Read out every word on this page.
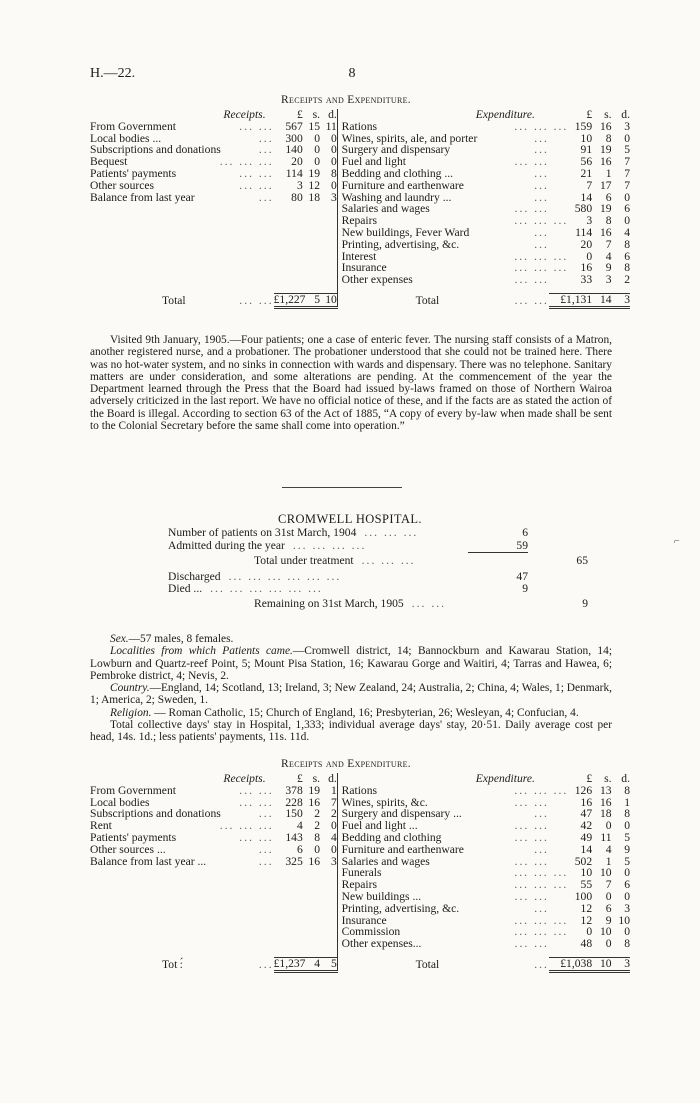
H.—22.	8
Receipts and Expenditure.
Receipts.		£	s.	d.		Expenditure.		£	s.	d.
From Government	... ...	567	15	11		Rations	... ... ...	159	16	3
Local bodies ...	...	300	0	0		Wines, spirits, ale, and porter	...	10	8	0
Subscriptions and donations	...	140	0	0		Surgery and dispensary	...	91	19	5
Bequest	... ... ...	20	0	0		Fuel and light	... ...	56	16	7
Patients' payments	... ...	114	19	8		Bedding and clothing ...	...	21	1	7
Other sources	... ...	3	12	0		Furniture and earthenware	...	7	17	7
Balance from last year	...	80	18	3		Washing and laundry ...	...	14	6	0
						Salaries and wages	... ...	580	19	6
						Repairs	... ... ...	3	8	0
						New buildings, Fever Ward	...	114	16	4
						Printing, advertising, &c.	...	20	7	8
						Interest	... ... ...	0	4	6
						Insurance	... ... ...	16	9	8
						Other expenses	... ...	33	3	2

Total	... ...	£1,227	5	10		Total	... ...	£1,131	14	3

Visited 9th January, 1905.—Four patients; one a case of enteric fever. The nursing staff consists of a Matron, another registered nurse, and a probationer. The probationer understood that she could not be trained here. There was no hot-water system, and no sinks in connection with wards and dispensary. There was no telephone. Sanitary matters are under consideration, and some alterations are pending. At the commencement of the year the Department learned through the Press that the Board had issued by-laws framed on those of Northern Wairoa adversely criticized in the last report. We have no official notice of these, and if the facts are as stated the action of the Board is illegal. According to section 63 of the Act of 1885, “A copy of every by-law when made shall be sent to the Colonial Secretary before the same shall come into operation.”

CROMWELL HOSPITAL.
Number of patients on 31st March, 1904 ... ... ...	6	
Admitted during the year ... ... ... ...	59	
Total under treatment ... ... ...		65
Discharged ... ... ... ... ... ...	47	
Died ... ... ... ... ... ... ...	9	
Remaining on 31st March, 1905 ... ...		9

Sex.—57 males, 8 females.

Localities from which Patients came.—Cromwell district, 14; Bannockburn and Kawarau Station, 14; Lowburn and Quartz-reef Point, 5; Mount Pisa Station, 16; Kawarau Gorge and Waitiri, 4; Tarras and Hawea, 6; Pembroke district, 4; Nevis, 2.

Country.—England, 14; Scotland, 13; Ireland, 3; New Zealand, 24; Australia, 2; China, 4; Wales, 1; Denmark, 1; America, 2; Sweden, 1.

Religion. — Roman Catholic, 15; Church of England, 16; Presbyterian, 26; Wesleyan, 4; Confucian, 4.

Total collective days' stay in Hospital, 1,333; individual average days' stay, 20·51. Daily average cost per head, 14s. 1d.; less patients' payments, 11s. 11d.

Receipts and Expenditure.
Receipts.		£	s.	d.		Expenditure.		£	s.	d.
From Government	... ...	378	19	1		Rations	... ... ...	126	13	8
Local bodies	... ...	228	16	7		Wines, spirits, &c.	... ...	16	16	1
Subscriptions and donations	...	150	2	2		Surgery and dispensary ...	...	47	18	8
Rent	... ... ...	4	2	0		Fuel and light ...	... ...	42	0	0
Patients' payments	... ...	143	8	4		Bedding and clothing	... ...	49	11	5
Other sources ...	...	6	0	0		Furniture and earthenware	...	14	4	9
Balance from last year ...	...	325	16	3		Salaries and wages	... ...	502	1	5
						Funerals	... ... ...	10	10	0
						Repairs	... ... ...	55	7	6
						New buildings ...	... ...	100	0	0
						Printing, advertising, &c.	...	12	6	3
						Insurance	... ... ...	12	9	10
						Commission	... ... ...	0	10	0
						Other expenses...	... ...	48	0	8

Tot :́	...	£1,237	4	5		Total	...	£1,038	10	3
⌐
